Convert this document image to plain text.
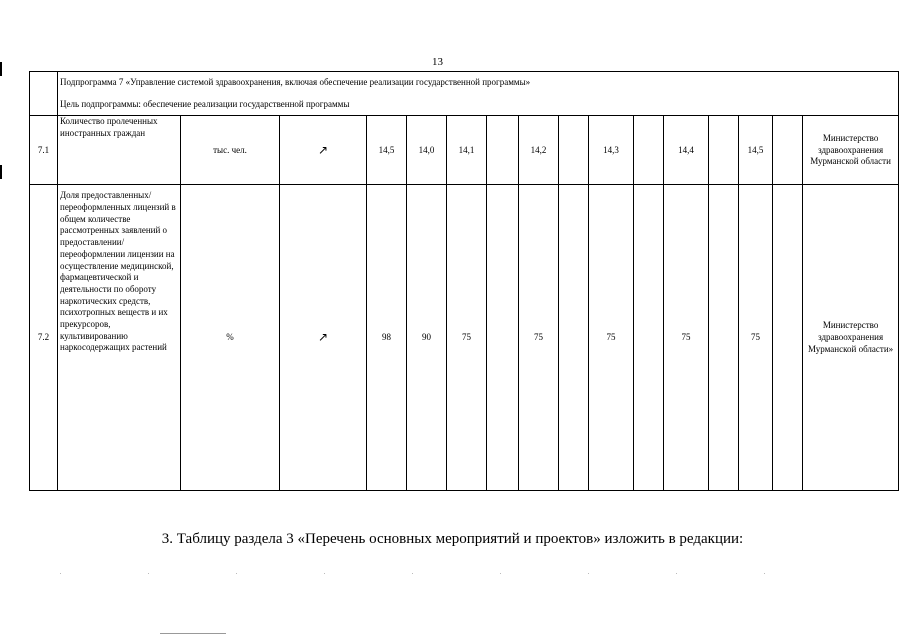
13

	Подпрограмма 7 «Управление системой здравоохранения, включая обеспечение реализации государственной программы»

Цель подпрограммы: обеспечение реализации государственной программы															

7.1	Количество пролеченных иностранных граждан	тыс. чел.	↗	14,5	14,0	14,1		14,2		14,3		14,4		14,5		Министерство здравоохранения Мурманской области
7.2	Доля предоставленных/ переоформленных лицензий в общем количестве рассмотренных заявлений о предоставлении/ переоформлении лицензии на осуществление медицинской, фармацевтической и деятельности по обороту наркотических средств, психотропных веществ и их прекурсоров, культивированию наркосодержащих растений	%	↗	98	90	75		75		75		75		75		Министерство здравоохранения Мурманской области»
3. Таблицу раздела 3 «Перечень основных мероприятий и проектов» изложить в редакции:
